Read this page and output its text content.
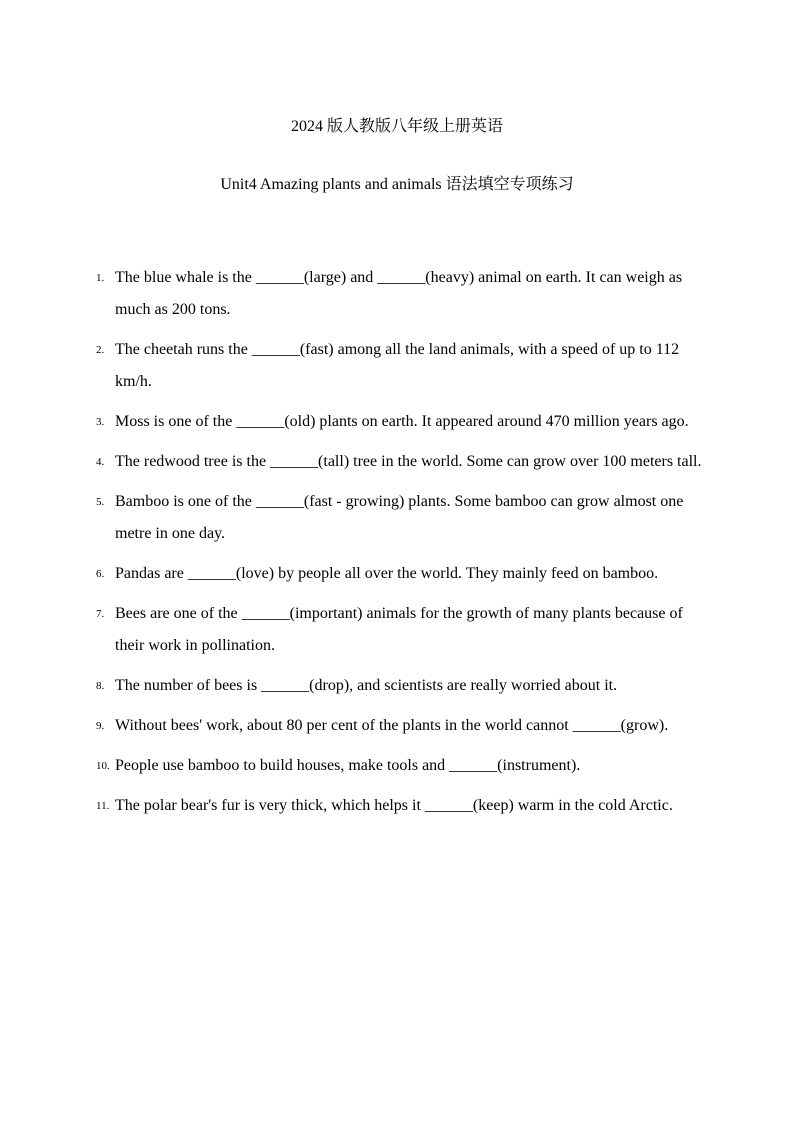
2024 版人教版八年级上册英语
Unit4 Amazing plants and animals 语法填空专项练习
1. The blue whale is the ______(large) and ______(heavy) animal on earth. It can weigh as much as 200 tons.
2. The cheetah runs the ______(fast) among all the land animals, with a speed of up to 112 km/h.
3. Moss is one of the ______(old) plants on earth. It appeared around 470 million years ago.
4. The redwood tree is the ______(tall) tree in the world. Some can grow over 100 meters tall.
5. Bamboo is one of the ______(fast - growing) plants. Some bamboo can grow almost one metre in one day.
6. Pandas are ______(love) by people all over the world. They mainly feed on bamboo.
7. Bees are one of the ______(important) animals for the growth of many plants because of their work in pollination.
8. The number of bees is ______(drop), and scientists are really worried about it.
9. Without bees' work, about 80 per cent of the plants in the world cannot ______(grow).
10. People use bamboo to build houses, make tools and ______(instrument).
11. The polar bear's fur is very thick, which helps it ______(keep) warm in the cold Arctic.
